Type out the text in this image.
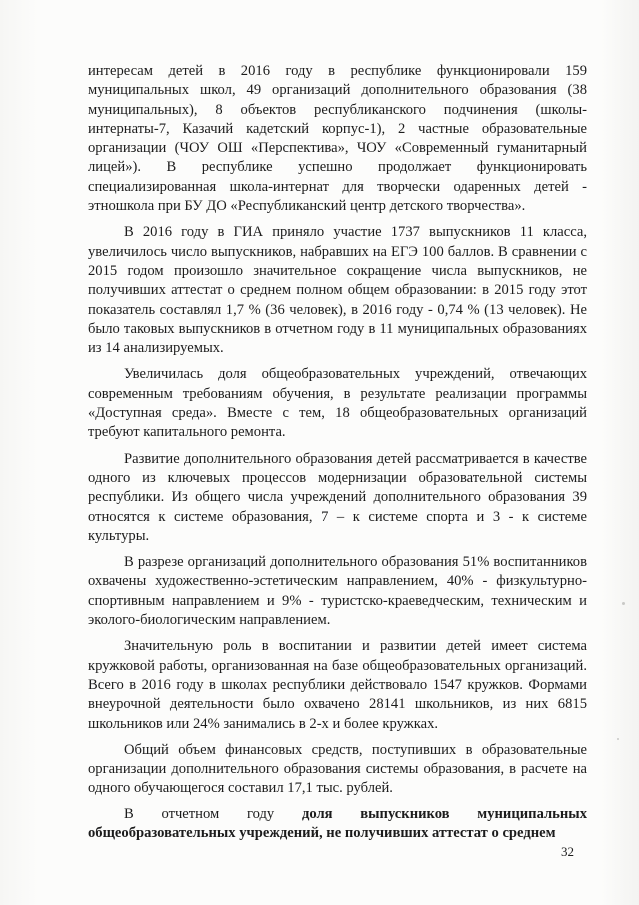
интересам детей в 2016 году в республике функционировали 159 муниципальных школ, 49 организаций дополнительного образования (38 муниципальных), 8 объектов республиканского подчинения (школы-интернаты-7, Казачий кадетский корпус-1), 2 частные образовательные организации (ЧОУ ОШ «Перспектива», ЧОУ «Современный гуманитарный лицей»). В республике успешно продолжает функционировать специализированная школа-интернат для творчески одаренных детей - этношкола при БУ ДО «Республиканский центр детского творчества».

В 2016 году в ГИА приняло участие 1737 выпускников 11 класса, увеличилось число выпускников, набравших на ЕГЭ 100 баллов. В сравнении с 2015 годом произошло значительное сокращение числа выпускников, не получивших аттестат о среднем полном общем образовании: в 2015 году этот показатель составлял 1,7 % (36 человек), в 2016 году - 0,74 % (13 человек). Не было таковых выпускников в отчетном году в 11 муниципальных образованиях из 14 анализируемых.

Увеличилась доля общеобразовательных учреждений, отвечающих современным требованиям обучения, в результате реализации программы «Доступная среда». Вместе с тем, 18 общеобразовательных организаций требуют капитального ремонта.

Развитие дополнительного образования детей рассматривается в качестве одного из ключевых процессов модернизации образовательной системы республики. Из общего числа учреждений дополнительного образования 39 относятся к системе образования, 7 – к системе спорта и 3 - к системе культуры.

В разрезе организаций дополнительного образования 51% воспитанников охвачены художественно-эстетическим направлением, 40% - физкультурно-спортивным направлением и 9% - туристско-краеведческим, техническим и эколого-биологическим направлением.

Значительную роль в воспитании и развитии детей имеет система кружковой работы, организованная на базе общеобразовательных организаций. Всего в 2016 году в школах республики действовало 1547 кружков. Формами внеурочной деятельности было охвачено 28141 школьников, из них 6815 школьников или 24% занимались в 2-х и более кружках.

Общий объем финансовых средств, поступивших в образовательные организации дополнительного образования системы образования, в расчете на одного обучающегося составил 17,1 тыс. рублей.

В отчетном году доля выпускников муниципальных общеобразовательных учреждений, не получивших аттестат о среднем

32
